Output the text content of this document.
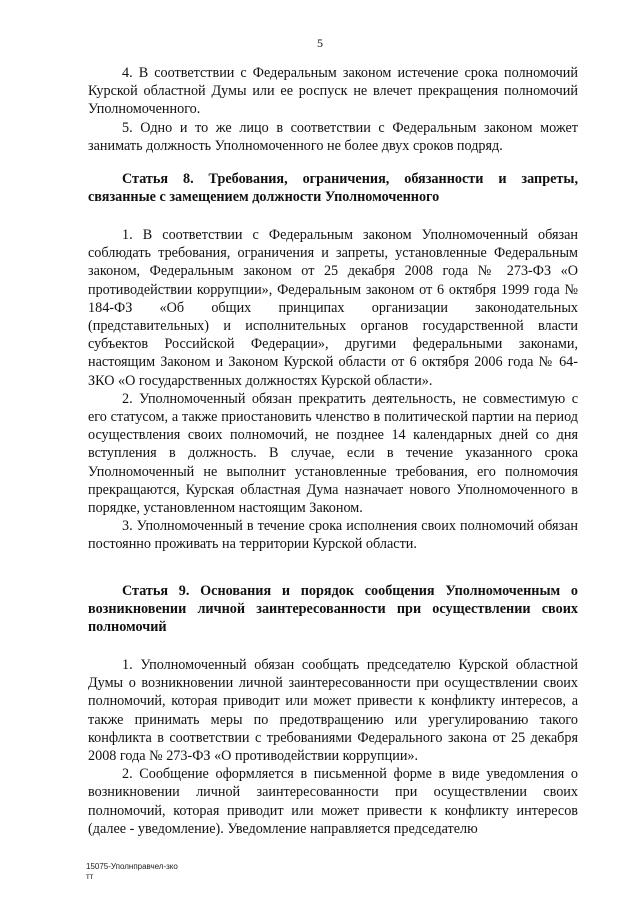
5

4. В соответствии с Федеральным законом истечение срока полномочий Курской областной Думы или ее роспуск не влечет прекращения полномочий Уполномоченного.

5. Одно и то же лицо в соответствии с Федеральным законом может занимать должность Уполномоченного не более двух сроков подряд.

Статья 8. Требования, ограничения, обязанности и запреты, связанные с замещением должности Уполномоченного

1. В соответствии с Федеральным законом Уполномоченный обязан соблюдать требования, ограничения и запреты, установленные Федеральным законом, Федеральным законом от 25 декабря 2008 года № 273-ФЗ «О противодействии коррупции», Федеральным законом от 6 октября 1999 года № 184-ФЗ «Об общих принципах организации законодательных (представительных) и исполнительных органов государственной власти субъектов Российской Федерации», другими федеральными законами, настоящим Законом и Законом Курской области от 6 октября 2006 года № 64-ЗКО «О государственных должностях Курской области».

2. Уполномоченный обязан прекратить деятельность, не совместимую с его статусом, а также приостановить членство в политической партии на период осуществления своих полномочий, не позднее 14 календарных дней со дня вступления в должность. В случае, если в течение указанного срока Уполномоченный не выполнит установленные требования, его полномочия прекращаются, Курская областная Дума назначает нового Уполномоченного в порядке, установленном настоящим Законом.

3. Уполномоченный в течение срока исполнения своих полномочий обязан постоянно проживать на территории Курской области.

Статья 9. Основания и порядок сообщения Уполномоченным о возникновении личной заинтересованности при осуществлении своих полномочий

1. Уполномоченный обязан сообщать председателю Курской областной Думы о возникновении личной заинтересованности при осуществлении своих полномочий, которая приводит или может привести к конфликту интересов, а также принимать меры по предотвращению или урегулированию такого конфликта в соответствии с требованиями Федерального закона от 25 декабря 2008 года № 273-ФЗ «О противодействии коррупции».

2. Сообщение оформляется в письменной форме в виде уведомления о возникновении личной заинтересованности при осуществлении своих полномочий, которая приводит или может привести к конфликту интересов (далее - уведомление). Уведомление направляется председателю

15075-Уполнправчел-зко
тт
